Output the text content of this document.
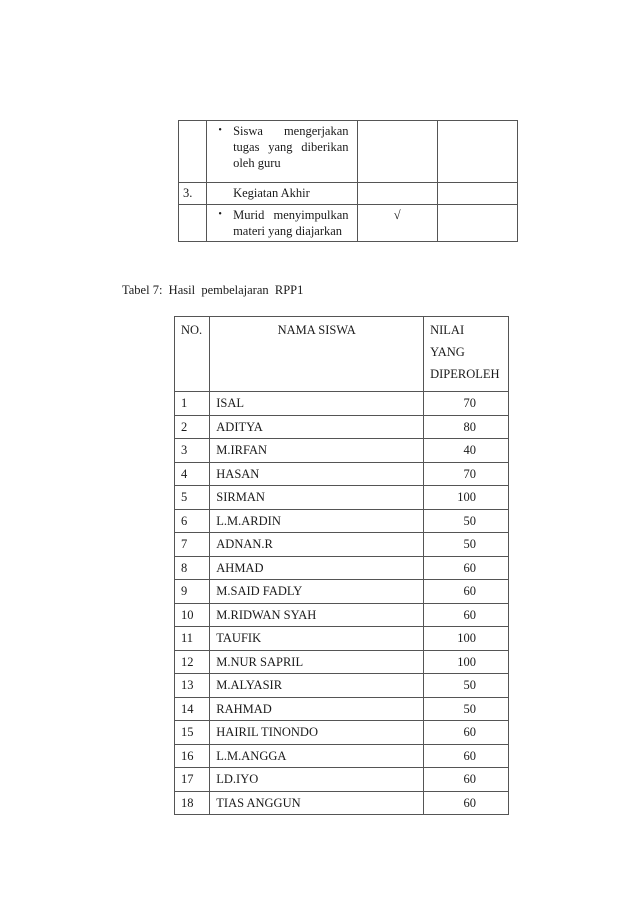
	• Siswa mengerjakan tugas yang diberikan oleh guru		

3.	Kegiatan Akhir		

	• Murid menyimpulkan materi yang diajarkan	√	

Tabel 7:  Hasil  pembelajaran  RPP1
NO.	NAMA SISWA	NILAI
YANG
DIPEROLEH

1	ISAL	70
2	ADITYA	80
3	M.IRFAN	40
4	HASAN	70
5	SIRMAN	100
6	L.M.ARDIN	50
7	ADNAN.R	50
8	AHMAD	60
9	M.SAID FADLY	60
10	M.RIDWAN SYAH	60
11	TAUFIK	100
12	M.NUR SAPRIL	100
13	M.ALYASIR	50
14	RAHMAD	50
15	HAIRIL TINONDO	60
16	L.M.ANGGA	60
17	LD.IYO	60
18	TIAS ANGGUN	60
